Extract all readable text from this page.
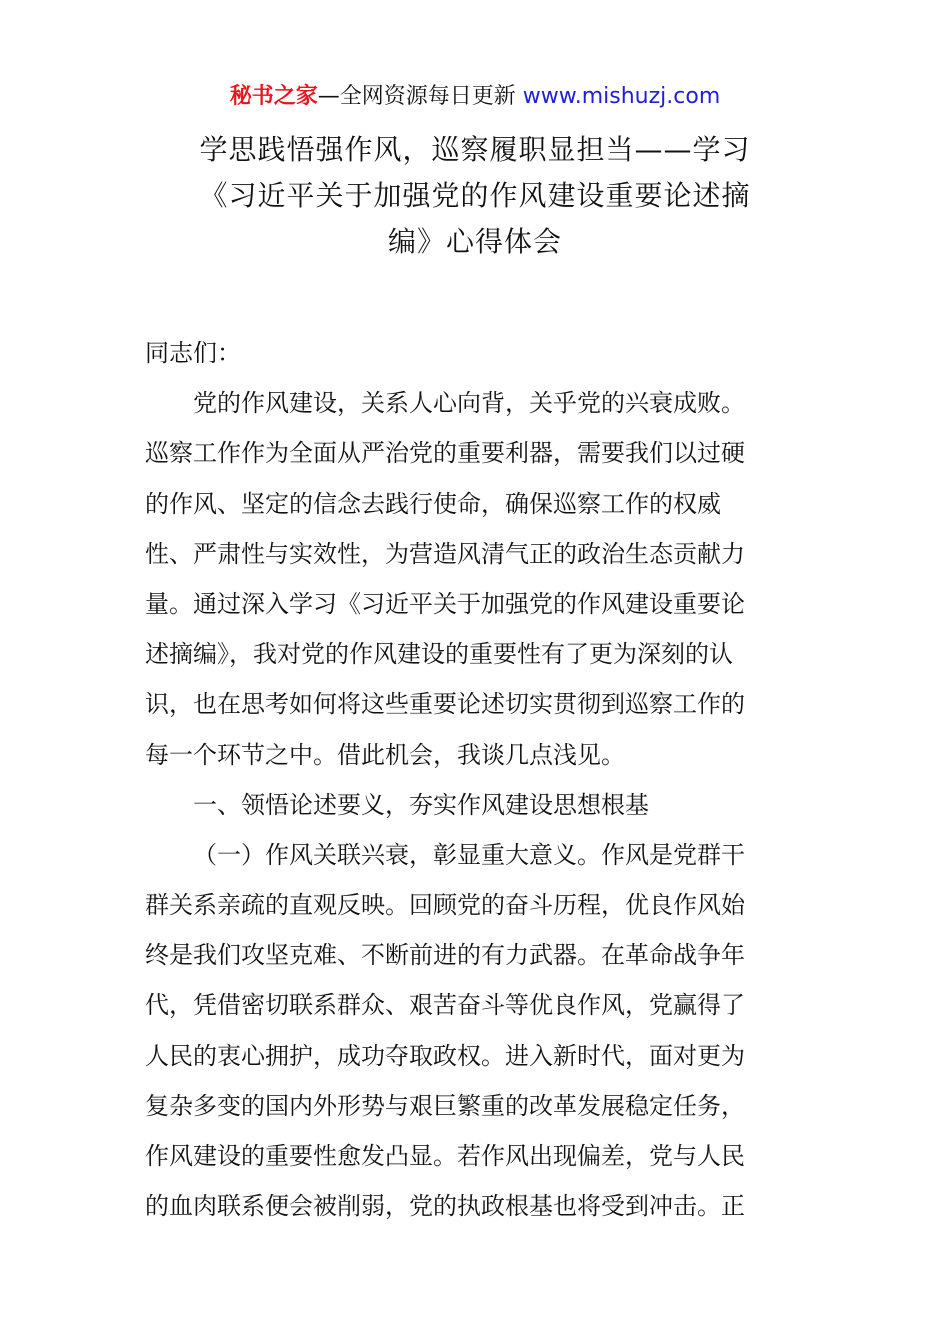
秘书之家—全网资源每日更新 www.mishuzj.com
学思践悟强作风，巡察履职显担当——学习
《习近平关于加强党的作风建设重要论述摘
编》心得体会
同志们：
党的作风建设，关系人心向背，关乎党的兴衰成败。
巡察工作作为全面从严治党的重要利器，需要我们以过硬
的作风、坚定的信念去践行使命，确保巡察工作的权威
性、严肃性与实效性，为营造风清气正的政治生态贡献力
量。通过深入学习《习近平关于加强党的作风建设重要论
述摘编》，我对党的作风建设的重要性有了更为深刻的认
识，也在思考如何将这些重要论述切实贯彻到巡察工作的
每一个环节之中。借此机会，我谈几点浅见。
一、领悟论述要义，夯实作风建设思想根基
（一）作风关联兴衰，彰显重大意义。作风是党群干
群关系亲疏的直观反映。回顾党的奋斗历程，优良作风始
终是我们攻坚克难、不断前进的有力武器。在革命战争年
代，凭借密切联系群众、艰苦奋斗等优良作风，党赢得了
人民的衷心拥护，成功夺取政权。进入新时代，面对更为
复杂多变的国内外形势与艰巨繁重的改革发展稳定任务，
作风建设的重要性愈发凸显。若作风出现偏差，党与人民
的血肉联系便会被削弱，党的执政根基也将受到冲击。正
